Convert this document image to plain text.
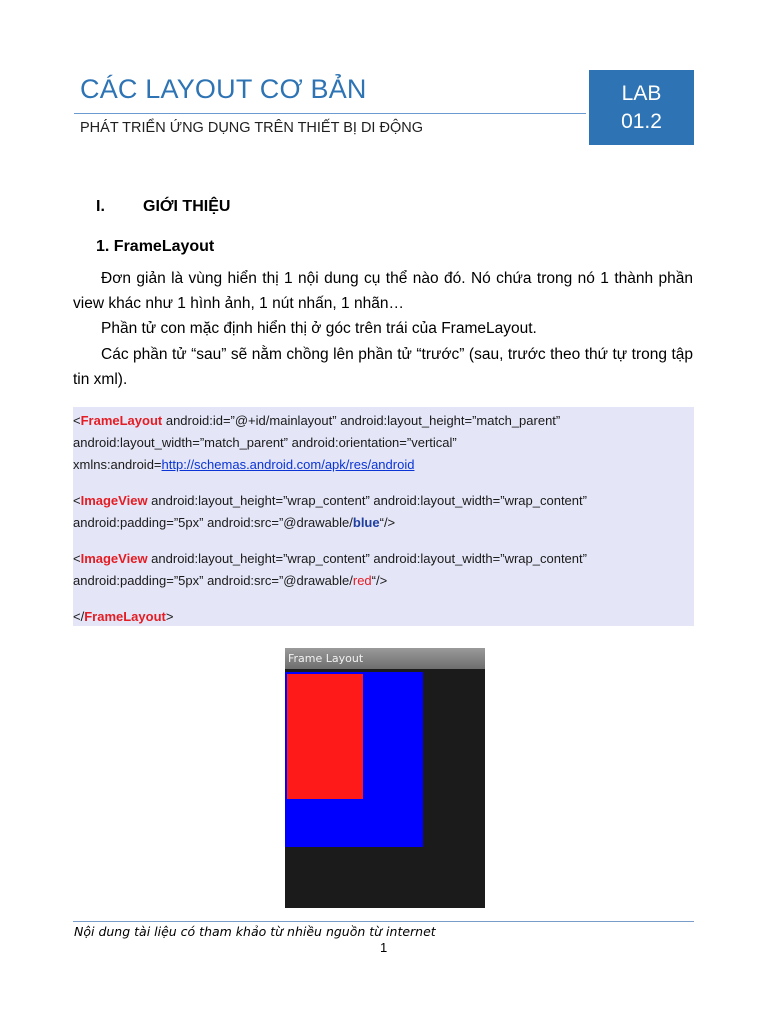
CÁC LAYOUT CƠ BẢN
PHÁT TRIỂN ỨNG DỤNG TRÊN THIẾT BỊ DI ĐỘNG
LAB
01.2
I. GIỚI THIỆU
1. FrameLayout
Đơn giản là vùng hiển thị 1 nội dung cụ thể nào đó. Nó chứa trong nó 1 thành phần view khác như 1 hình ảnh, 1 nút nhấn, 1 nhãn…
Phần tử con mặc định hiển thị ở góc trên trái của FrameLayout.
Các phần tử “sau” sẽ nằm chồng lên phần tử “trước” (sau, trước theo thứ tự trong tập tin xml).
<FrameLayout android:id=”@+id/mainlayout” android:layout_height=”match_parent”
android:layout_width=”match_parent” android:orientation=”vertical”
xmlns:android=http://schemas.android.com/apk/res/android
<ImageView android:layout_height=”wrap_content” android:layout_width=”wrap_content”
android:padding=”5px” android:src=”@drawable/blue“/>
<ImageView android:layout_height=”wrap_content” android:layout_width=”wrap_content”
android:padding=”5px” android:src=”@drawable/red“/>
</FrameLayout>
Frame Layout
Nội dung tài liệu có tham khảo từ nhiều nguồn từ internet
1
